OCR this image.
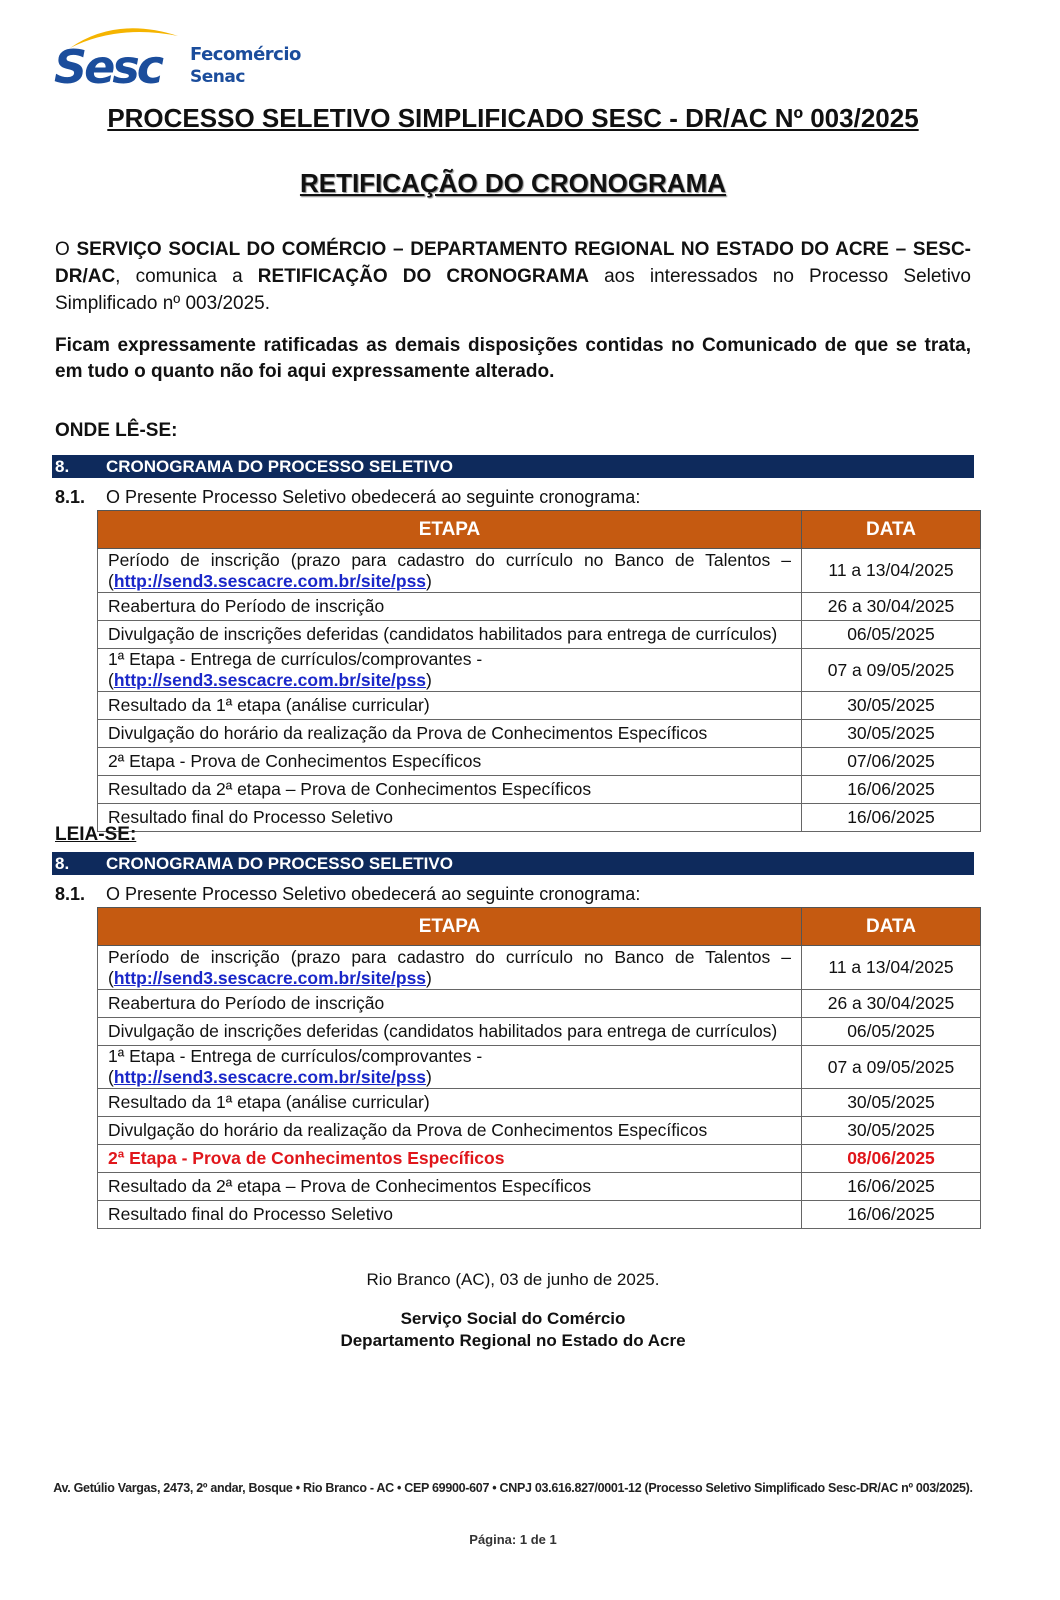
Sesc Fecomércio
Senac
PROCESSO SELETIVO SIMPLIFICADO SESC - DR/AC Nº 003/2025
RETIFICAÇÃO DO CRONOGRAMA

O SERVIÇO SOCIAL DO COMÉRCIO – DEPARTAMENTO REGIONAL NO ESTADO DO ACRE – SESC-DR/AC, comunica a RETIFICAÇÃO DO CRONOGRAMA aos interessados no Processo Seletivo Simplificado nº 003/2025.

Ficam expressamente ratificadas as demais disposições contidas no Comunicado de que se trata, em tudo o quanto não foi aqui expressamente alterado.

ONDE LÊ-SE:
8. CRONOGRAMA DO PROCESSO SELETIVO
8.1. O Presente Processo Seletivo obedecerá ao seguinte cronograma:
ETAPA	DATA
Período de inscrição (prazo para cadastro do currículo no Banco de Talentos – (http://send3.sescacre.com.br/site/pss)	11 a 13/04/2025
Reabertura do Período de inscrição	26 a 30/04/2025
Divulgação de inscrições deferidas (candidatos habilitados para entrega de currículos)	06/05/2025
1ª Etapa - Entrega de currículos/comprovantes - (http://send3.sescacre.com.br/site/pss)	07 a 09/05/2025
Resultado da 1ª etapa (análise curricular)	30/05/2025
Divulgação do horário da realização da Prova de Conhecimentos Específicos	30/05/2025
2ª Etapa - Prova de Conhecimentos Específicos	07/06/2025
Resultado da 2ª etapa – Prova de Conhecimentos Específicos	16/06/2025
Resultado final do Processo Seletivo	16/06/2025
LEIA-SE:
8. CRONOGRAMA DO PROCESSO SELETIVO
8.1. O Presente Processo Seletivo obedecerá ao seguinte cronograma:
ETAPA	DATA
Período de inscrição (prazo para cadastro do currículo no Banco de Talentos – (http://send3.sescacre.com.br/site/pss)	11 a 13/04/2025
Reabertura do Período de inscrição	26 a 30/04/2025
Divulgação de inscrições deferidas (candidatos habilitados para entrega de currículos)	06/05/2025
1ª Etapa - Entrega de currículos/comprovantes - (http://send3.sescacre.com.br/site/pss)	07 a 09/05/2025
Resultado da 1ª etapa (análise curricular)	30/05/2025
Divulgação do horário da realização da Prova de Conhecimentos Específicos	30/05/2025
2ª Etapa - Prova de Conhecimentos Específicos	08/06/2025
Resultado da 2ª etapa – Prova de Conhecimentos Específicos	16/06/2025
Resultado final do Processo Seletivo	16/06/2025
Rio Branco (AC), 03 de junho de 2025.
Serviço Social do Comércio
Departamento Regional no Estado do Acre
Av. Getúlio Vargas, 2473, 2º andar, Bosque • Rio Branco - AC • CEP 69900-607 • CNPJ 03.616.827/0001-12 (Processo Seletivo Simplificado Sesc-DR/AC nº 003/2025).
Página: 1 de 1
